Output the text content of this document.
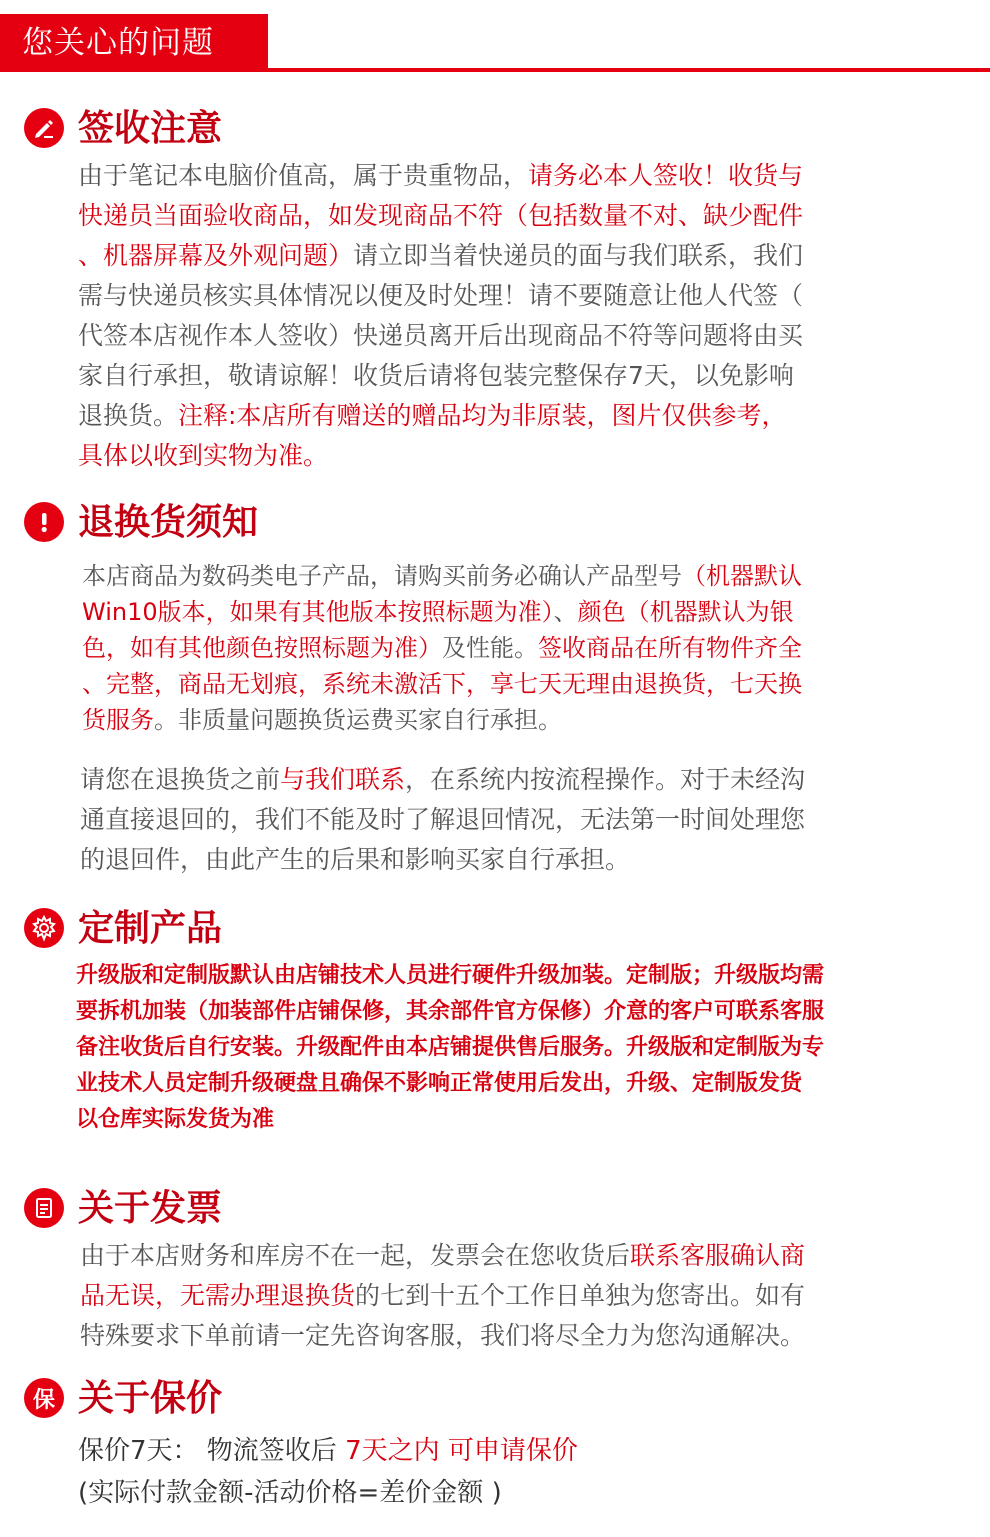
您关心的问题
签收注意
由于笔记本电脑价值高，属于贵重物品，请务必本人签收！收货与
快递员当面验收商品，如发现商品不符（包括数量不对、缺少配件
、机器屏幕及外观问题）请立即当着快递员的面与我们联系，我们
需与快递员核实具体情况以便及时处理！请不要随意让他人代签（
代签本店视作本人签收）快递员离开后出现商品不符等问题将由买
家自行承担，敬请谅解！收货后请将包装完整保存7天，以免影响
退换货。注释:本店所有赠送的赠品均为非原装，图片仅供参考，
具体以收到实物为准。
退换货须知
本店商品为数码类电子产品，请购买前务必确认产品型号（机器默认
Win10版本，如果有其他版本按照标题为准）、颜色（机器默认为银
色，如有其他颜色按照标题为准）及性能。签收商品在所有物件齐全
、完整，商品无划痕，系统未激活下，享七天无理由退换货，七天换
货服务。非质量问题换货运费买家自行承担。
请您在退换货之前与我们联系，在系统内按流程操作。对于未经沟
通直接退回的，我们不能及时了解退回情况，无法第一时间处理您
的退回件，由此产生的后果和影响买家自行承担。
定制产品
升级版和定制版默认由店铺技术人员进行硬件升级加装。定制版；升级版均需
要拆机加装（加装部件店铺保修，其余部件官方保修）介意的客户可联系客服
备注收货后自行安装。升级配件由本店铺提供售后服务。升级版和定制版为专
业技术人员定制升级硬盘且确保不影响正常使用后发出，升级、定制版发货
以仓库实际发货为准
关于发票
由于本店财务和库房不在一起，发票会在您收货后联系客服确认商
品无误，无需办理退换货的七到十五个工作日单独为您寄出。如有
特殊要求下单前请一定先咨询客服，我们将尽全力为您沟通解决。
保 关于保价
保价7天： 物流签收后 7天之内 可申请保价
(实际付款金额-活动价格=差价金额 )
